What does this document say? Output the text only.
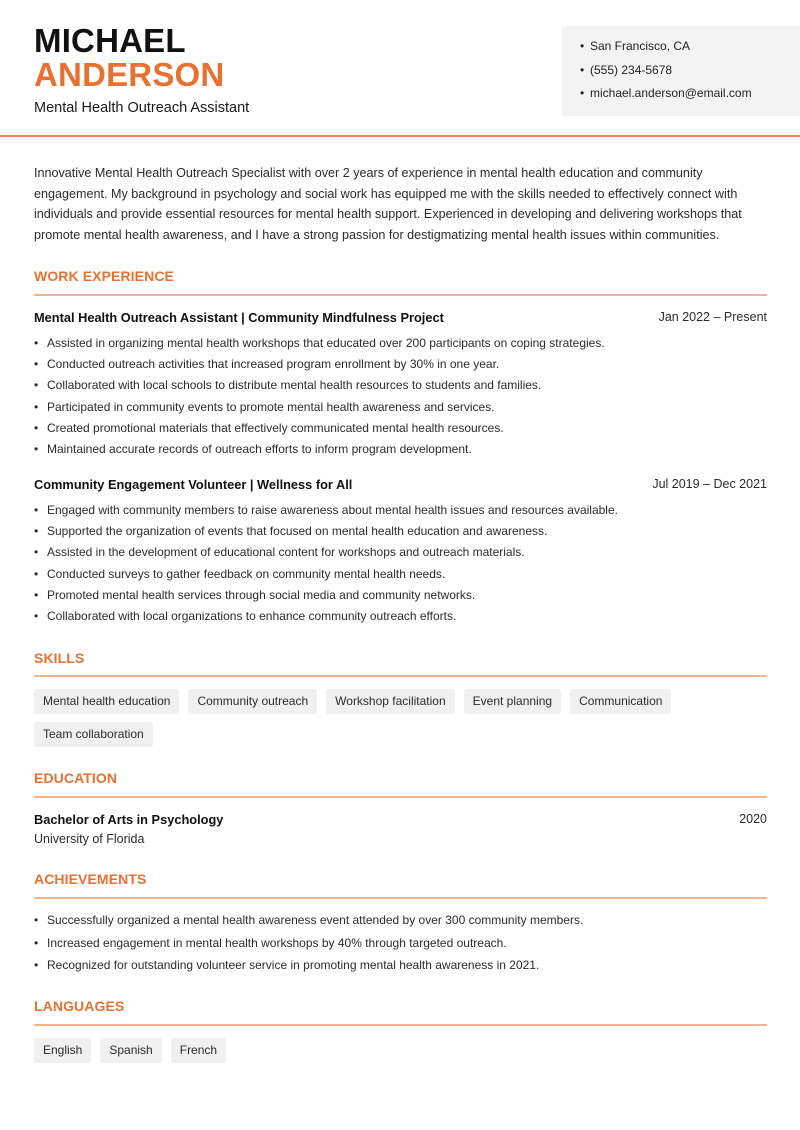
MICHAEL
ANDERSON
Mental Health Outreach Assistant
• San Francisco, CA
• (555) 234-5678
• michael.anderson@email.com

Innovative Mental Health Outreach Specialist with over 2 years of experience in mental health education and community engagement. My background in psychology and social work has equipped me with the skills needed to effectively connect with individuals and provide essential resources for mental health support. Experienced in developing and delivering workshops that promote mental health awareness, and I have a strong passion for destigmatizing mental health issues within communities.

WORK EXPERIENCE
Mental Health Outreach Assistant | Community Mindfulness Project	Jan 2022 – Present
• Assisted in organizing mental health workshops that educated over 200 participants on coping strategies.
• Conducted outreach activities that increased program enrollment by 30% in one year.
• Collaborated with local schools to distribute mental health resources to students and families.
• Participated in community events to promote mental health awareness and services.
• Created promotional materials that effectively communicated mental health resources.
• Maintained accurate records of outreach efforts to inform program development.
Community Engagement Volunteer | Wellness for All	Jul 2019 – Dec 2021
• Engaged with community members to raise awareness about mental health issues and resources available.
• Supported the organization of events that focused on mental health education and awareness.
• Assisted in the development of educational content for workshops and outreach materials.
• Conducted surveys to gather feedback on community mental health needs.
• Promoted mental health services through social media and community networks.
• Collaborated with local organizations to enhance community outreach efforts.
SKILLS
Mental health education	Community outreach	Workshop facilitation	Event planning	Communication
Team collaboration
EDUCATION
Bachelor of Arts in Psychology	2020
University of Florida
ACHIEVEMENTS
• Successfully organized a mental health awareness event attended by over 300 community members.
• Increased engagement in mental health workshops by 40% through targeted outreach.
• Recognized for outstanding volunteer service in promoting mental health awareness in 2021.
LANGUAGES
English	Spanish	French
